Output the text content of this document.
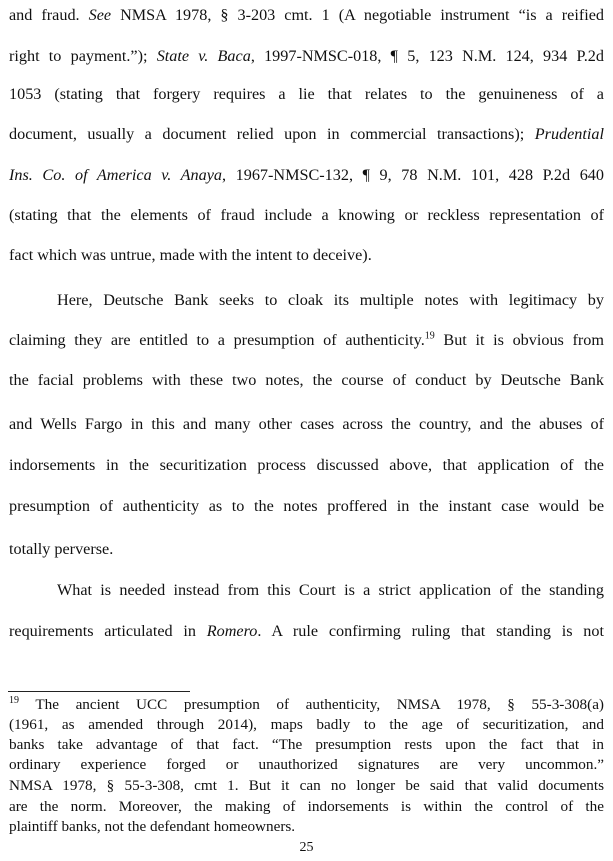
and fraud. See NMSA 1978, § 3-203 cmt. 1 (A negotiable instrument “is a reified
right to payment.”); State v. Baca, 1997-NMSC-018, ¶ 5, 123 N.M. 124, 934 P.2d
1053 (stating that forgery requires a lie that relates to the genuineness of a
document, usually a document relied upon in commercial transactions); Prudential
Ins. Co. of America v. Anaya, 1967-NMSC-132, ¶ 9, 78 N.M. 101, 428 P.2d 640
(stating that the elements of fraud include a knowing or reckless representation of
fact which was untrue, made with the intent to deceive).
Here, Deutsche Bank seeks to cloak its multiple notes with legitimacy by
claiming they are entitled to a presumption of authenticity.$^{19}$ But it is obvious from
the facial problems with these two notes, the course of conduct by Deutsche Bank
and Wells Fargo in this and many other cases across the country, and the abuses of
indorsements in the securitization process discussed above, that application of the
presumption of authenticity as to the notes proffered in the instant case would be
totally perverse.
What is needed instead from this Court is a strict application of the standing
requirements articulated in Romero. A rule confirming ruling that standing is not
$^{19}$ The ancient UCC presumption of authenticity, NMSA 1978, § 55-3-308(a)
(1961, as amended through 2014), maps badly to the age of securitization, and
banks take advantage of that fact. “The presumption rests upon the fact that in
ordinary experience forged or unauthorized signatures are very uncommon.”
NMSA 1978, § 55-3-308, cmt 1. But it can no longer be said that valid documents
are the norm. Moreover, the making of indorsements is within the control of the
plaintiff banks, not the defendant homeowners.
25
